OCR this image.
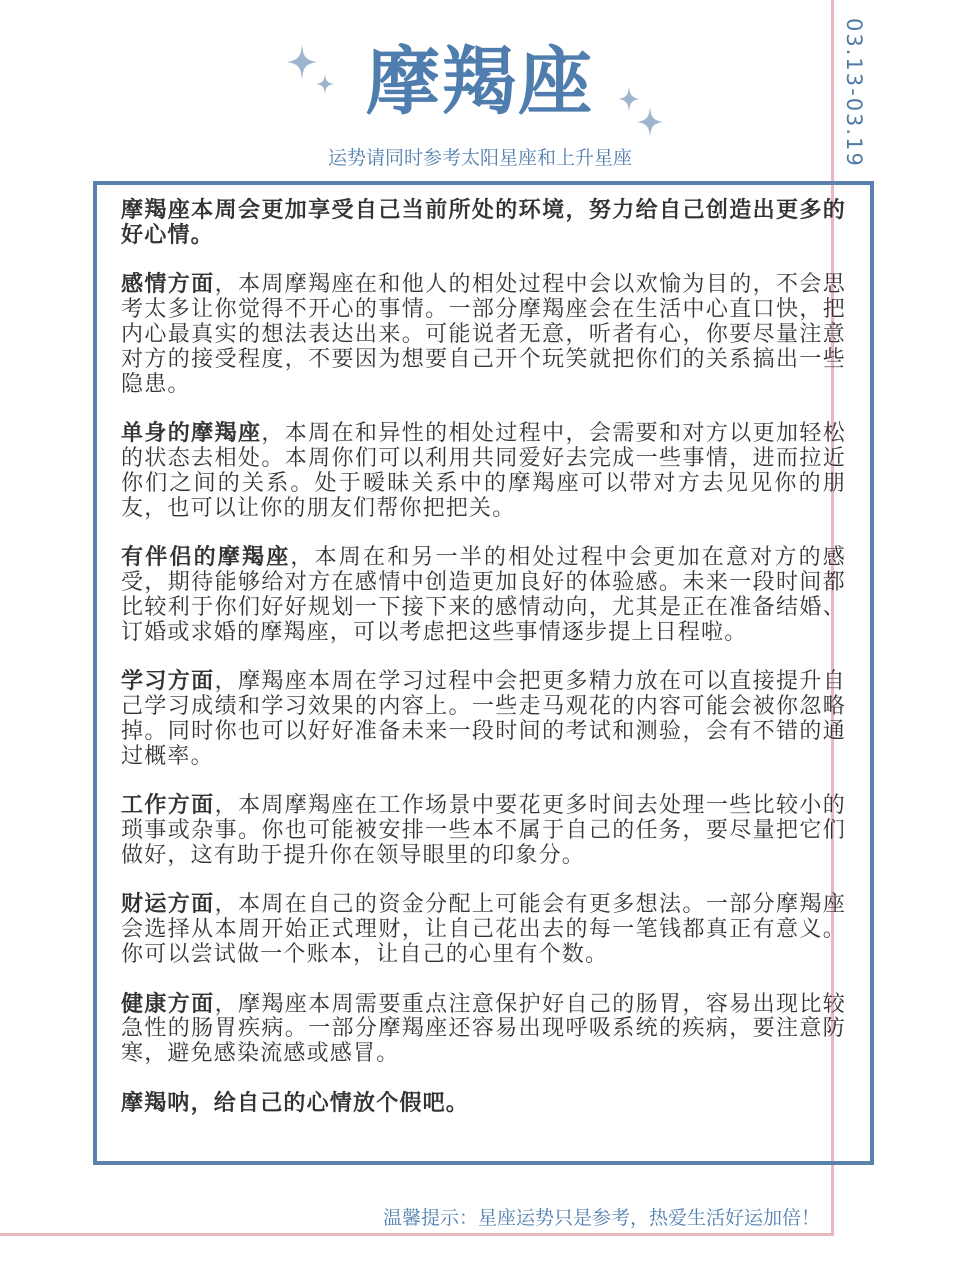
03.13-03.19
摩羯座
运势请同时参考太阳星座和上升星座

摩羯座本周会更加享受自己当前所处的环境，努力给自己创造出更多的好心情。

感情方面，本周摩羯座在和他人的相处过程中会以欢愉为目的，不会思考太多让你觉得不开心的事情。一部分摩羯座会在生活中心直口快，把内心最真实的想法表达出来。可能说者无意，听者有心，你要尽量注意对方的接受程度，不要因为想要自己开个玩笑就把你们的关系搞出一些隐患。

单身的摩羯座，本周在和异性的相处过程中，会需要和对方以更加轻松的状态去相处。本周你们可以利用共同爱好去完成一些事情，进而拉近你们之间的关系。处于暧昧关系中的摩羯座可以带对方去见见你的朋友，也可以让你的朋友们帮你把把关。

有伴侣的摩羯座，本周在和另一半的相处过程中会更加在意对方的感受，期待能够给对方在感情中创造更加良好的体验感。未来一段时间都比较利于你们好好规划一下接下来的感情动向，尤其是正在准备结婚、订婚或求婚的摩羯座，可以考虑把这些事情逐步提上日程啦。

学习方面，摩羯座本周在学习过程中会把更多精力放在可以直接提升自己学习成绩和学习效果的内容上。一些走马观花的内容可能会被你忽略掉。同时你也可以好好准备未来一段时间的考试和测验，会有不错的通过概率。

工作方面，本周摩羯座在工作场景中要花更多时间去处理一些比较小的琐事或杂事。你也可能被安排一些本不属于自己的任务，要尽量把它们做好，这有助于提升你在领导眼里的印象分。

财运方面，本周在自己的资金分配上可能会有更多想法。一部分摩羯座会选择从本周开始正式理财，让自己花出去的每一笔钱都真正有意义。你可以尝试做一个账本，让自己的心里有个数。

健康方面，摩羯座本周需要重点注意保护好自己的肠胃，容易出现比较急性的肠胃疾病。一部分摩羯座还容易出现呼吸系统的疾病，要注意防寒，避免感染流感或感冒。

摩羯呐，给自己的心情放个假吧。

温馨提示：星座运势只是参考，热爱生活好运加倍！
